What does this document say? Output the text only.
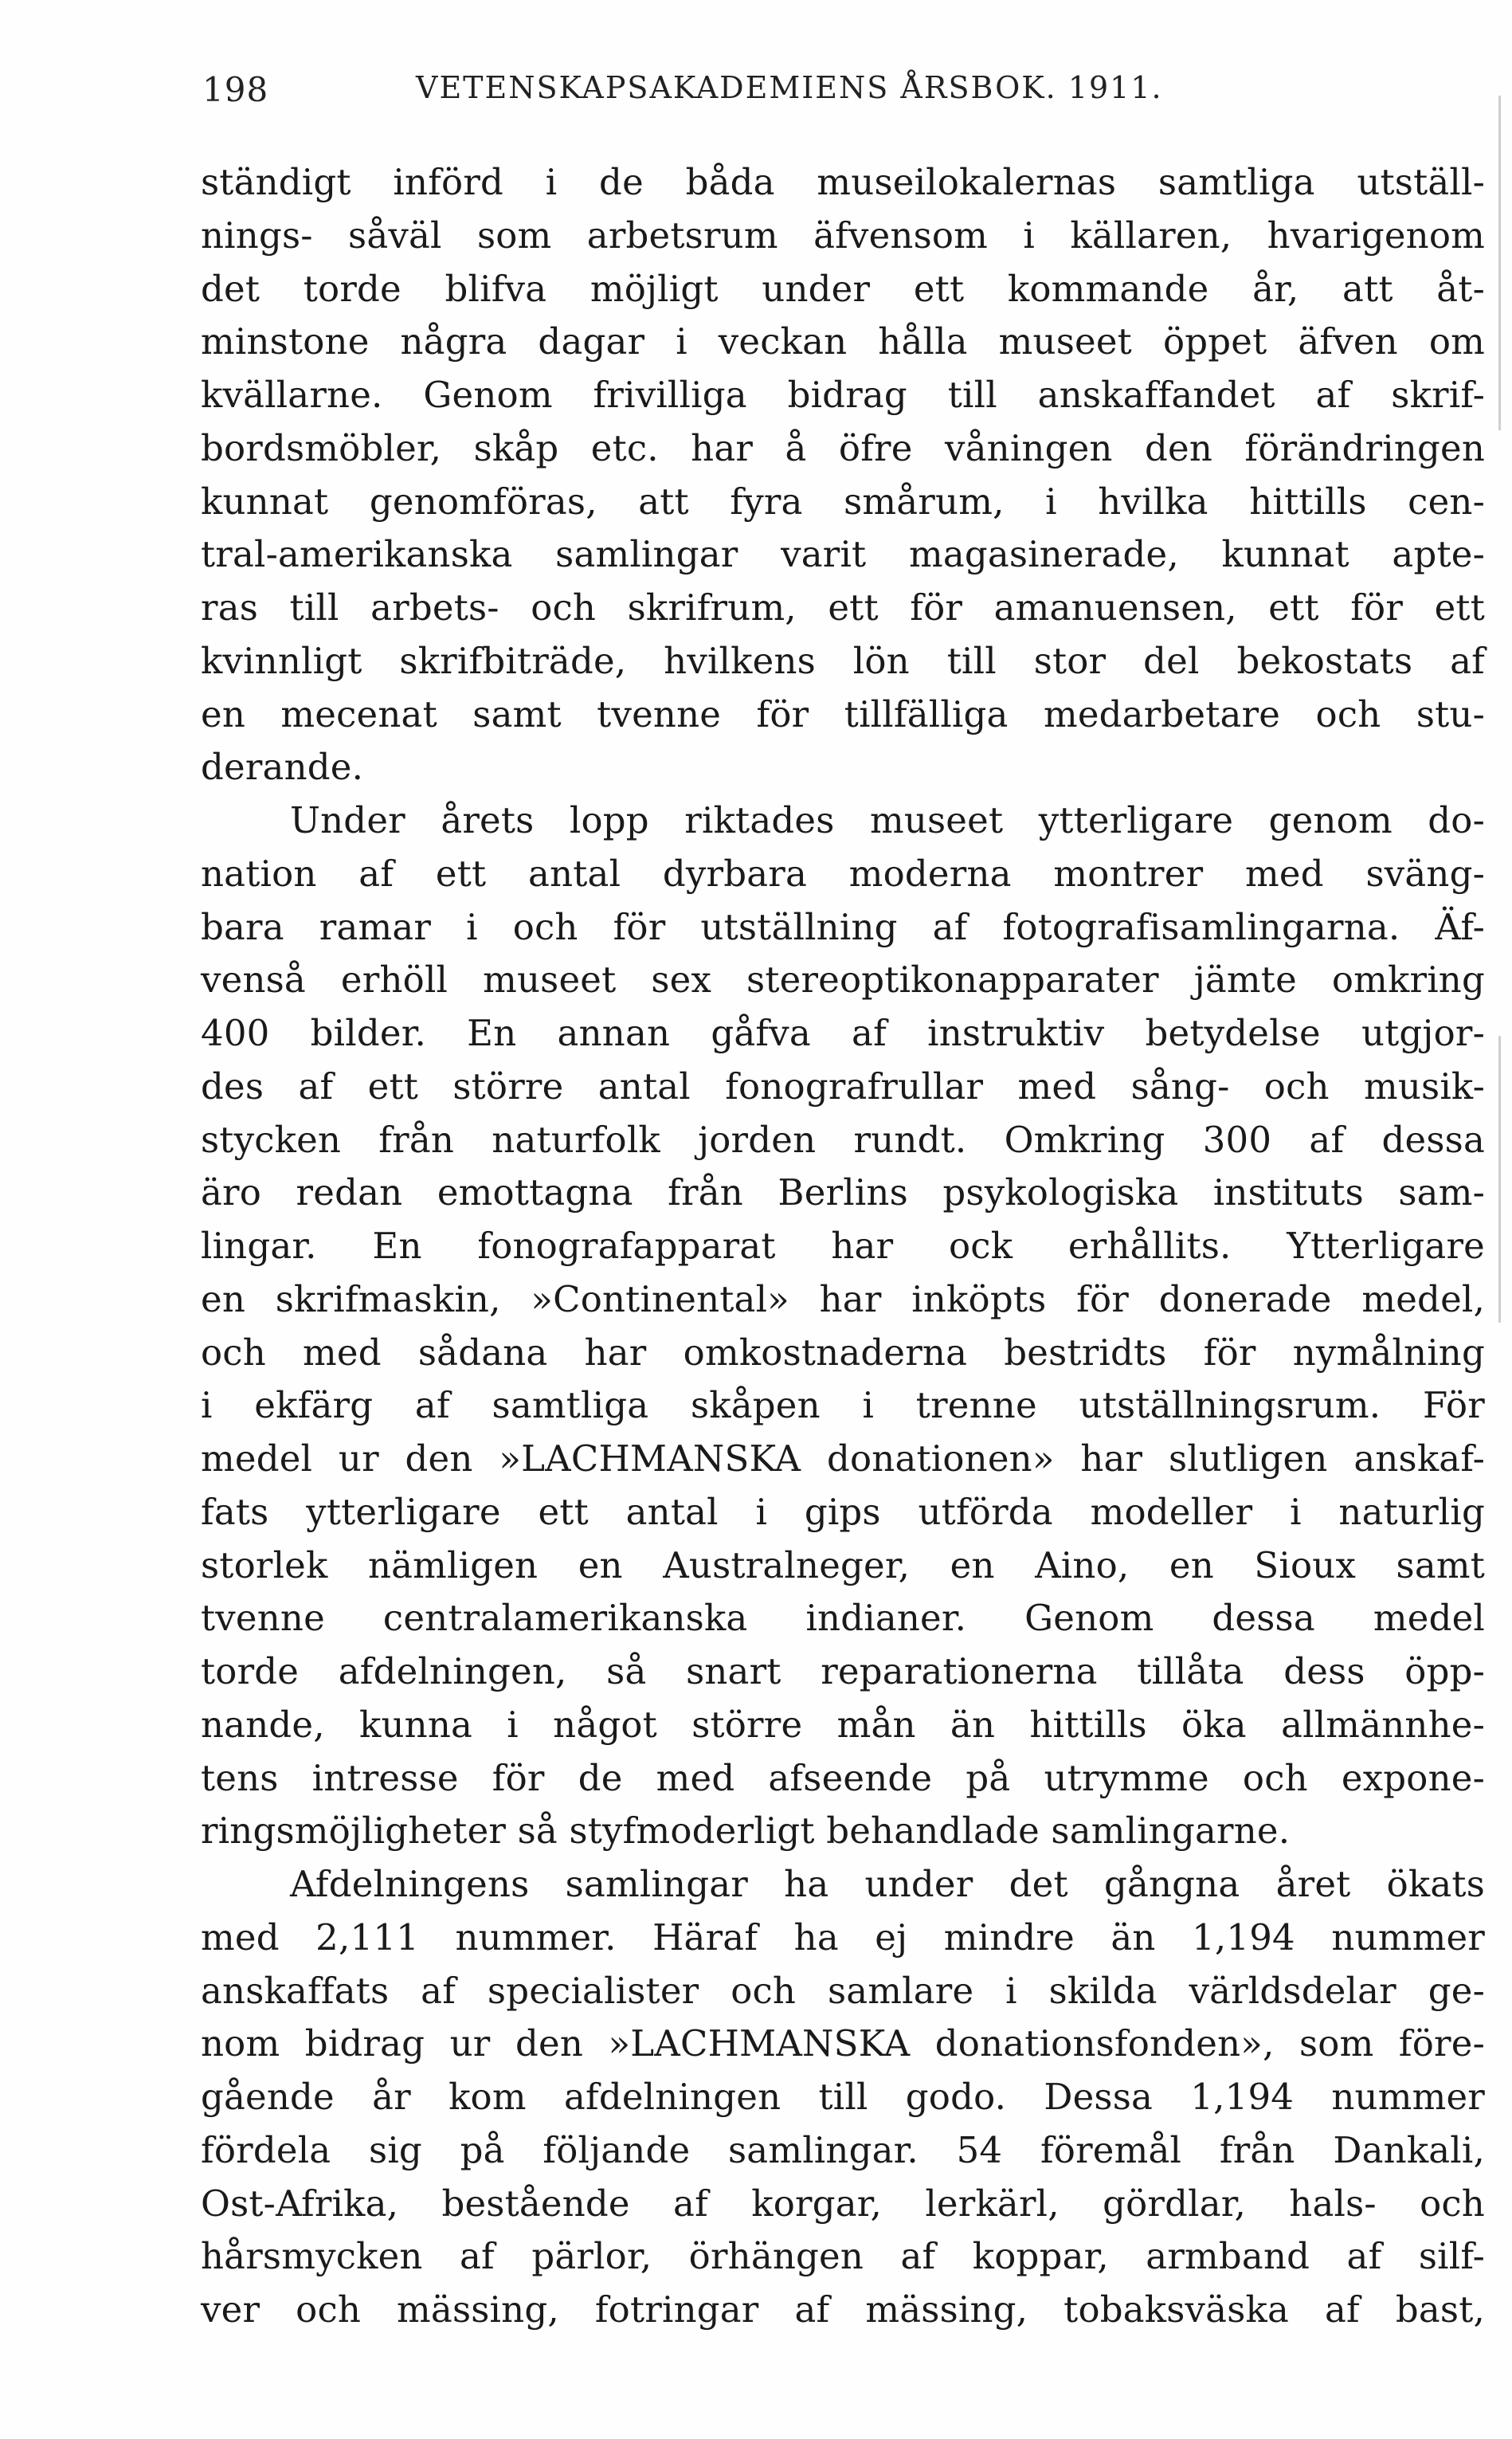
198	VETENSKAPSAKADEMIENS ÅRSBOK. 1911.
ständigt införd i de båda museilokalernas samtliga utställ-
nings- såväl som arbetsrum äfvensom i källaren, hvarigenom
det torde blifva möjligt under ett kommande år, att åt-
minstone några dagar i veckan hålla museet öppet äfven om
kvällarne. Genom frivilliga bidrag till anskaffandet af skrif-
bordsmöbler, skåp etc. har å öfre våningen den förändringen
kunnat genomföras, att fyra smårum, i hvilka hittills cen-
tral-amerikanska samlingar varit magasinerade, kunnat apte-
ras till arbets- och skrifrum, ett för amanuensen, ett för ett
kvinnligt skrifbiträde, hvilkens lön till stor del bekostats af
en mecenat samt tvenne för tillfälliga medarbetare och stu-
derande.
Under årets lopp riktades museet ytterligare genom do-
nation af ett antal dyrbara moderna montrer med sväng-
bara ramar i och för utställning af fotografisamlingarna. Äf-
venså erhöll museet sex stereoptikonapparater jämte omkring
400 bilder. En annan gåfva af instruktiv betydelse utgjor-
des af ett större antal fonografrullar med sång- och musik-
stycken från naturfolk jorden rundt. Omkring 300 af dessa
äro redan emottagna från Berlins psykologiska instituts sam-
lingar. En fonografapparat har ock erhållits. Ytterligare
en skrifmaskin, »Continental» har inköpts för donerade medel,
och med sådana har omkostnaderna bestridts för nymålning
i ekfärg af samtliga skåpen i trenne utställningsrum. För
medel ur den »LACHMANSKA donationen» har slutligen anskaf-
fats ytterligare ett antal i gips utförda modeller i naturlig
storlek nämligen en Australneger, en Aino, en Sioux samt
tvenne centralamerikanska indianer. Genom dessa medel
torde afdelningen, så snart reparationerna tillåta dess öpp-
nande, kunna i något större mån än hittills öka allmännhe-
tens intresse för de med afseende på utrymme och expone-
ringsmöjligheter så styfmoderligt behandlade samlingarne.
Afdelningens samlingar ha under det gångna året ökats
med 2,111 nummer. Häraf ha ej mindre än 1,194 nummer
anskaffats af specialister och samlare i skilda världsdelar ge-
nom bidrag ur den »LACHMANSKA donationsfonden», som före-
gående år kom afdelningen till godo. Dessa 1,194 nummer
fördela sig på följande samlingar. 54 föremål från Dankali,
Ost-Afrika, bestående af korgar, lerkärl, gördlar, hals- och
hårsmycken af pärlor, örhängen af koppar, armband af silf-
ver och mässing, fotringar af mässing, tobaksväska af bast,
